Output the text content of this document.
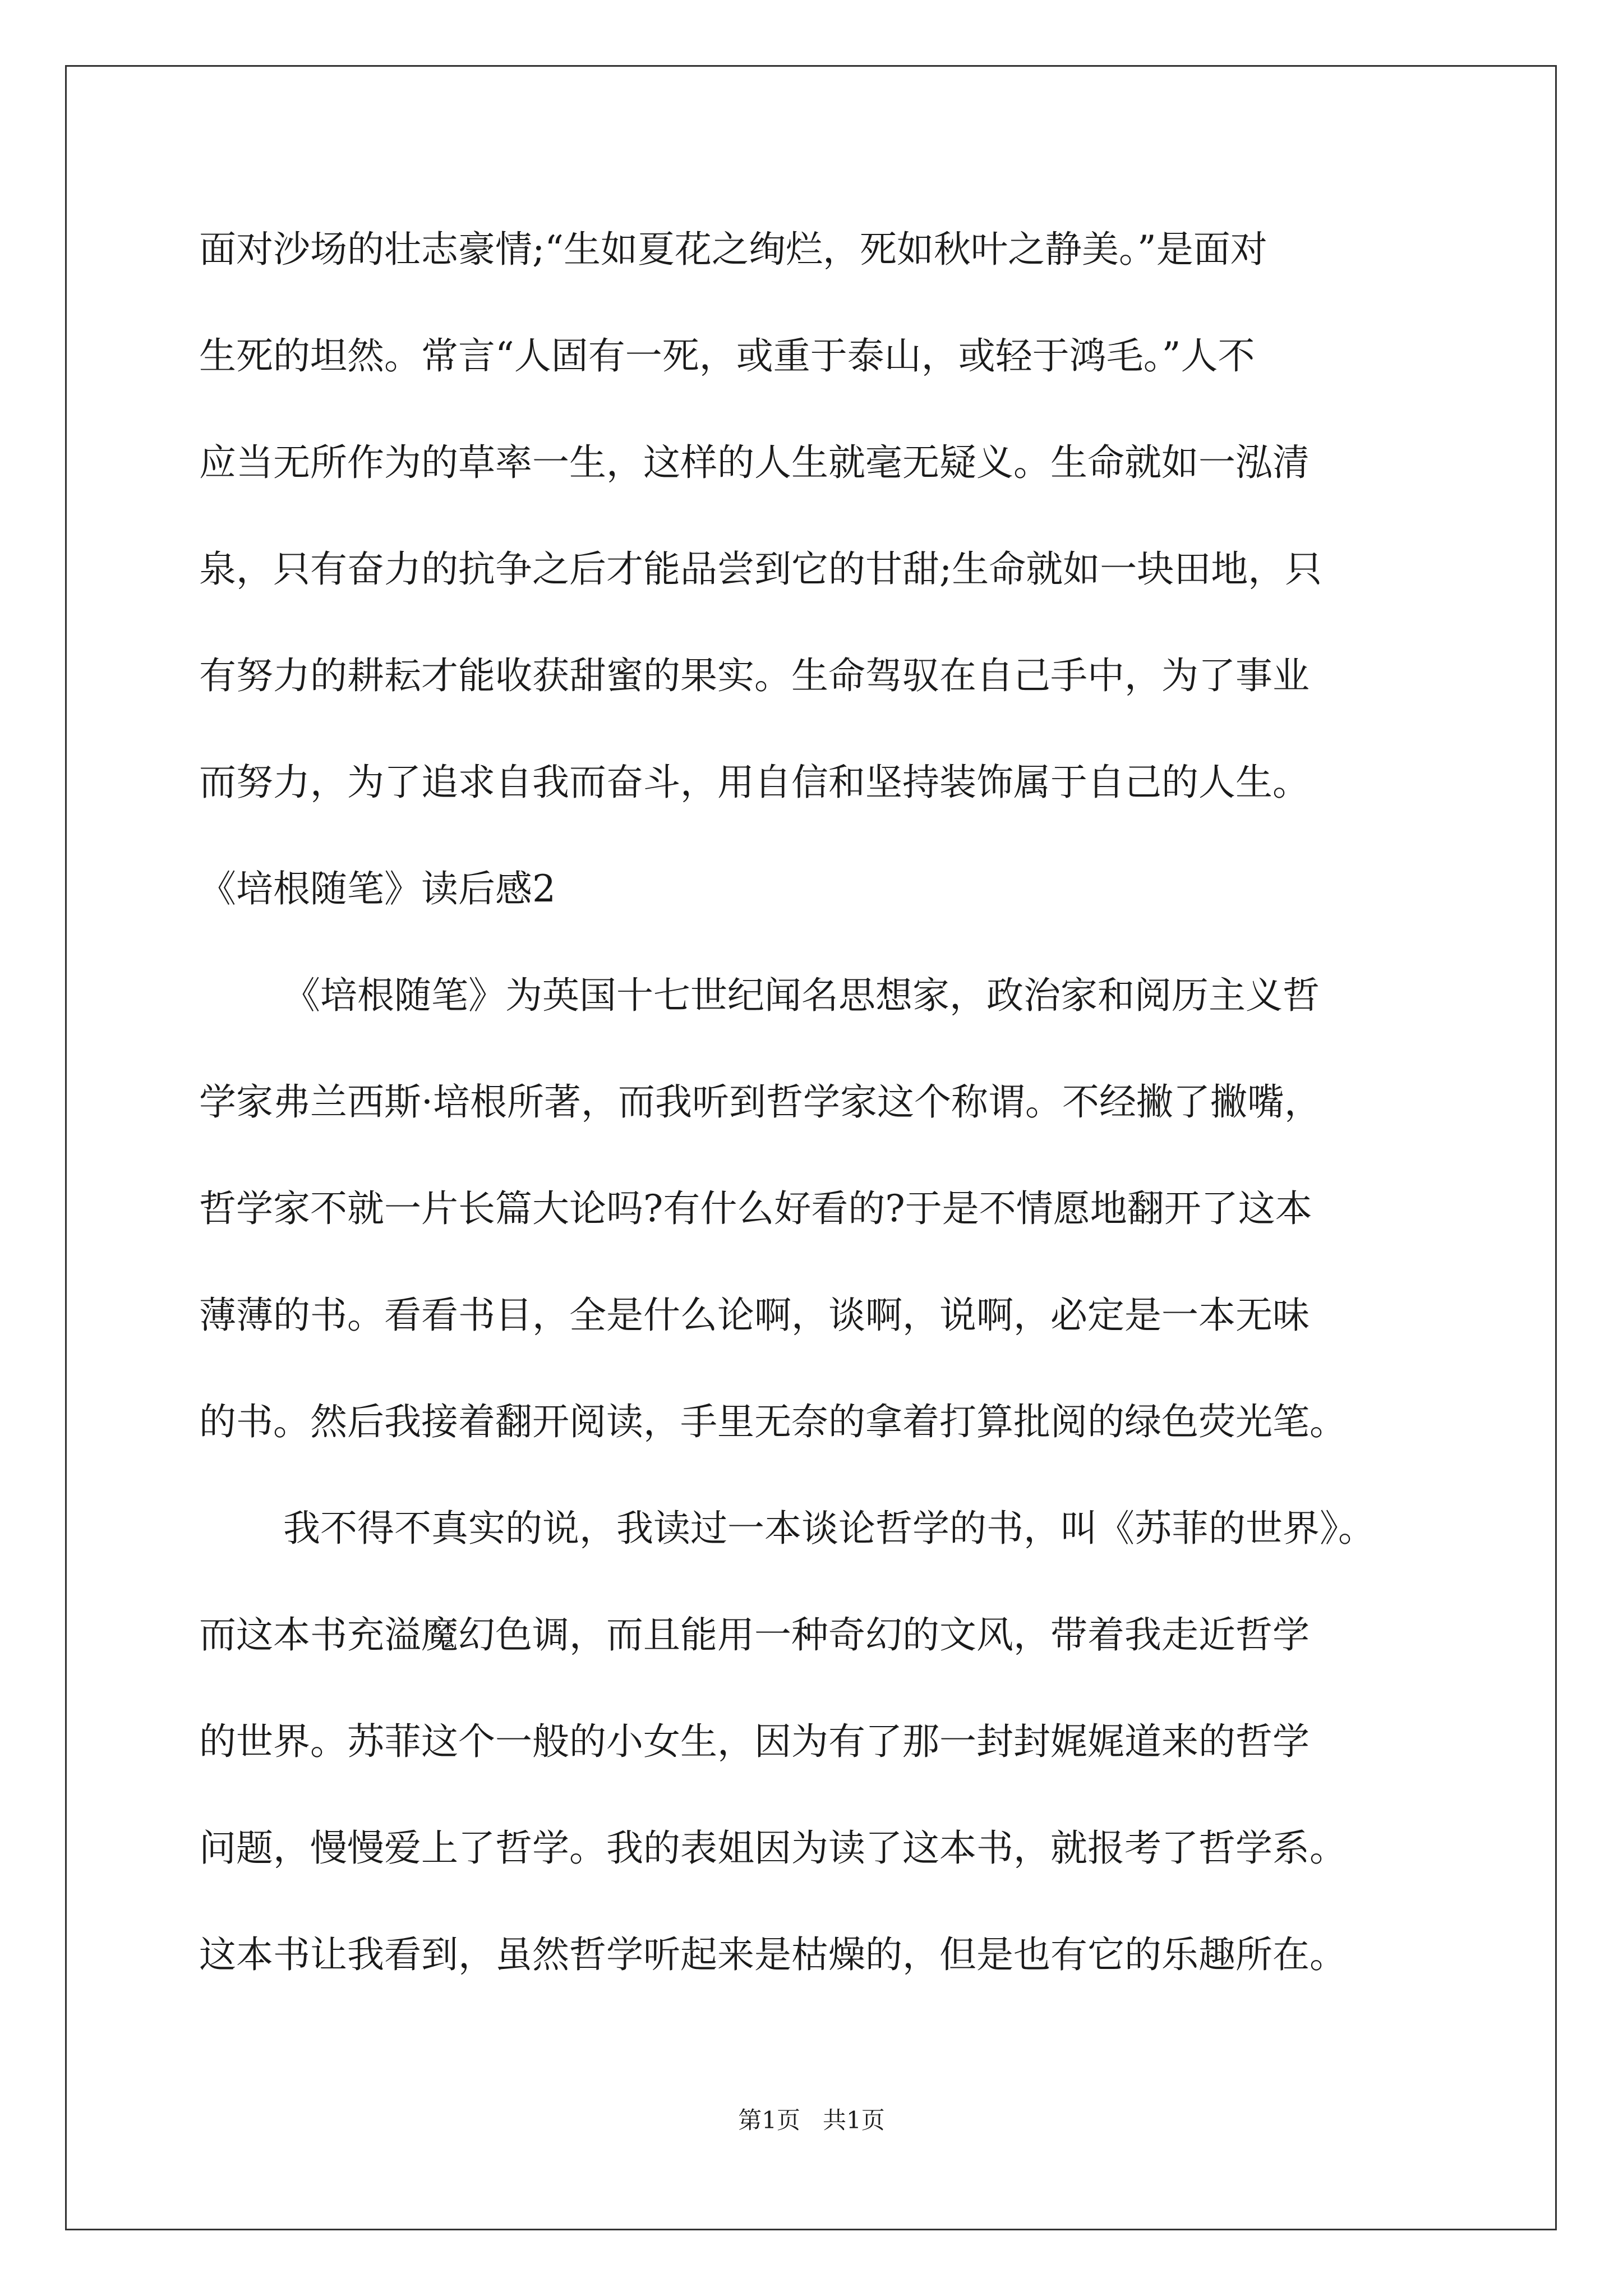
面对沙场的壮志豪情;“生如夏花之绚烂，死如秋叶之静美。”是面对
生死的坦然。常言“人固有一死，或重于泰山，或轻于鸿毛。”人不
应当无所作为的草率一生，这样的人生就毫无疑义。生命就如一泓清
泉，只有奋力的抗争之后才能品尝到它的甘甜;生命就如一块田地，只
有努力的耕耘才能收获甜蜜的果实。生命驾驭在自己手中，为了事业
而努力，为了追求自我而奋斗，用自信和坚持装饰属于自己的人生。
《培根随笔》读后感2
《培根随笔》为英国十七世纪闻名思想家，政治家和阅历主义哲
学家弗兰西斯·培根所著，而我听到哲学家这个称谓。不经撇了撇嘴，
哲学家不就一片长篇大论吗?有什么好看的?于是不情愿地翻开了这本
薄薄的书。看看书目，全是什么论啊，谈啊，说啊，必定是一本无味
的书。然后我接着翻开阅读，手里无奈的拿着打算批阅的绿色荧光笔。
我不得不真实的说，我读过一本谈论哲学的书，叫《苏菲的世界》。
而这本书充溢魔幻色调，而且能用一种奇幻的文风，带着我走近哲学
的世界。苏菲这个一般的小女生，因为有了那一封封娓娓道来的哲学
问题，慢慢爱上了哲学。我的表姐因为读了这本书，就报考了哲学系。
这本书让我看到，虽然哲学听起来是枯燥的，但是也有它的乐趣所在。
第1页   共1页
